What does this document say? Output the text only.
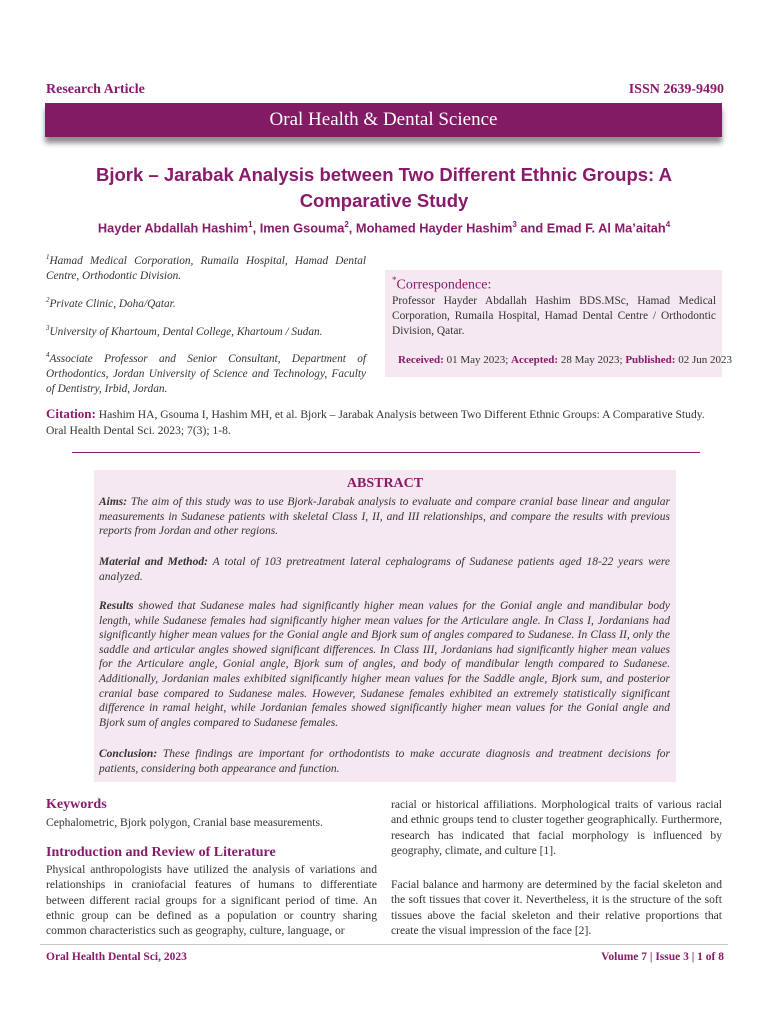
Research Article	ISSN 2639-9490
Oral Health & Dental Science
Bjork – Jarabak Analysis between Two Different Ethnic Groups: A Comparative Study
Hayder Abdallah Hashim$^1$, Imen Gsouma$^2$, Mohamed Hayder Hashim$^3$ and Emad F. Al Ma’aitah$^4$
$^1$Hamad Medical Corporation, Rumaila Hospital, Hamad Dental Centre, Orthodontic Division.
$^2$Private Clinic, Doha/Qatar.
$^3$University of Khartoum, Dental College, Khartoum / Sudan.
$^4$Associate Professor and Senior Consultant, Department of Orthodontics, Jordan University of Science and Technology, Faculty of Dentistry, Irbid, Jordan.
*Correspondence:
Professor Hayder Abdallah Hashim BDS.MSc, Hamad Medical Corporation, Rumaila Hospital, Hamad Dental Centre / Orthodontic Division, Qatar.
Received: 01 May 2023; Accepted: 28 May 2023; Published: 02 Jun 2023
Citation: Hashim HA, Gsouma I, Hashim MH, et al. Bjork – Jarabak Analysis between Two Different Ethnic Groups: A Comparative Study. Oral Health Dental Sci. 2023; 7(3); 1-8.
ABSTRACT
Aims: The aim of this study was to use Bjork-Jarabak analysis to evaluate and compare cranial base linear and angular measurements in Sudanese patients with skeletal Class I, II, and III relationships, and compare the results with previous reports from Jordan and other regions.
Material and Method: A total of 103 pretreatment lateral cephalograms of Sudanese patients aged 18-22 years were analyzed.
Results showed that Sudanese males had significantly higher mean values for the Gonial angle and mandibular body length, while Sudanese females had significantly higher mean values for the Articulare angle. In Class I, Jordanians had significantly higher mean values for the Gonial angle and Bjork sum of angles compared to Sudanese. In Class II, only the saddle and articular angles showed significant differences. In Class III, Jordanians had significantly higher mean values for the Articulare angle, Gonial angle, Bjork sum of angles, and body of mandibular length compared to Sudanese. Additionally, Jordanian males exhibited significantly higher mean values for the Saddle angle, Bjork sum, and posterior cranial base compared to Sudanese males. However, Sudanese females exhibited an extremely statistically significant difference in ramal height, while Jordanian females showed significantly higher mean values for the Gonial angle and Bjork sum of angles compared to Sudanese females.
Conclusion: These findings are important for orthodontists to make accurate diagnosis and treatment decisions for patients, considering both appearance and function.
Keywords
Cephalometric, Bjork polygon, Cranial base measurements.
Introduction and Review of Literature
Physical anthropologists have utilized the analysis of variations and relationships in craniofacial features of humans to differentiate between different racial groups for a significant period of time. An ethnic group can be defined as a population or country sharing common characteristics such as geography, culture, language, or
racial or historical affiliations. Morphological traits of various racial and ethnic groups tend to cluster together geographically. Furthermore, research has indicated that facial morphology is influenced by geography, climate, and culture [1].
Facial balance and harmony are determined by the facial skeleton and the soft tissues that cover it. Nevertheless, it is the structure of the soft tissues above the facial skeleton and their relative proportions that create the visual impression of the face [2].
Oral Health Dental Sci, 2023	Volume 7 | Issue 3 | 1 of 8
